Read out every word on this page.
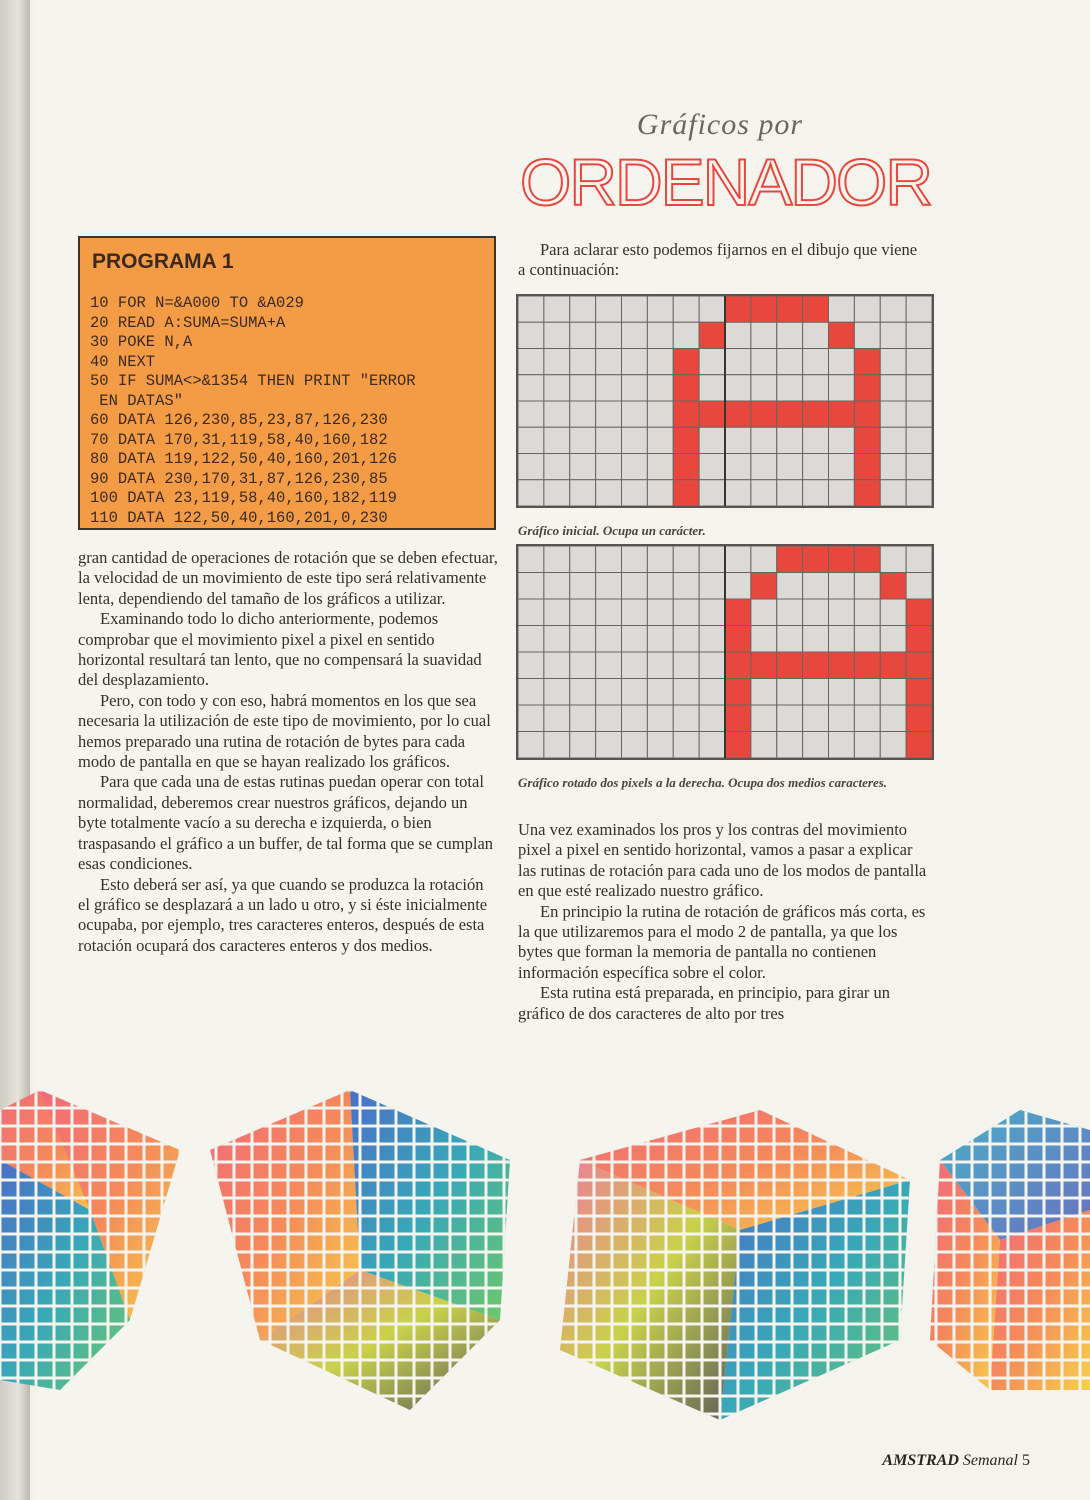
Gráficos por
ORDENADOR
PROGRAMA 1
10 FOR N=&A000 TO &A029
20 READ A:SUMA=SUMA+A
30 POKE N,A
40 NEXT
50 IF SUMA<>&1354 THEN PRINT "ERROR
EN DATAS"
60 DATA 126,230,85,23,87,126,230
70 DATA 170,31,119,58,40,160,182
80 DATA 119,122,50,40,160,201,126
90 DATA 230,170,31,87,126,230,85
100 DATA 23,119,58,40,160,182,119
110 DATA 122,50,40,160,201,0,230

gran cantidad de operaciones de rotación que se deben efectuar, la velocidad de un movimiento de este tipo será relativamente lenta, dependiendo del tamaño de los gráficos a utilizar.

Examinando todo lo dicho anteriormente, podemos comprobar que el movimiento pixel a pixel en sentido horizontal resultará tan lento, que no compensará la suavidad del desplazamiento.

Pero, con todo y con eso, habrá momentos en los que sea necesaria la utilización de este tipo de movimiento, por lo cual hemos preparado una rutina de rotación de bytes para cada modo de pantalla en que se hayan realizado los gráficos.

Para que cada una de estas rutinas puedan operar con total normalidad, deberemos crear nuestros gráficos, dejando un byte totalmente vacío a su derecha e izquierda, o bien traspasando el gráfico a un buffer, de tal forma que se cumplan esas condiciones.

Esto deberá ser así, ya que cuando se produzca la rotación el gráfico se desplazará a un lado u otro, y si éste inicialmente ocupaba, por ejemplo, tres caracteres enteros, después de esta rotación ocupará dos caracteres enteros y dos medios.

Para aclarar esto podemos fijarnos en el dibujo que viene a continuación:

Gráfico inicial. Ocupa un carácter.
Gráfico rotado dos pixels a la derecha. Ocupa dos medios caracteres.

Una vez examinados los pros y los contras del movimiento pixel a pixel en sentido horizontal, vamos a pasar a explicar las rutinas de rotación para cada uno de los modos de pantalla en que esté realizado nuestro gráfico.

En principio la rutina de rotación de gráficos más corta, es la que utilizaremos para el modo 2 de pantalla, ya que los bytes que forman la memoria de pantalla no contienen información específica sobre el color.

Esta rutina está preparada, en principio, para girar un gráfico de dos caracteres de alto por tres

AMSTRAD Semanal 5
